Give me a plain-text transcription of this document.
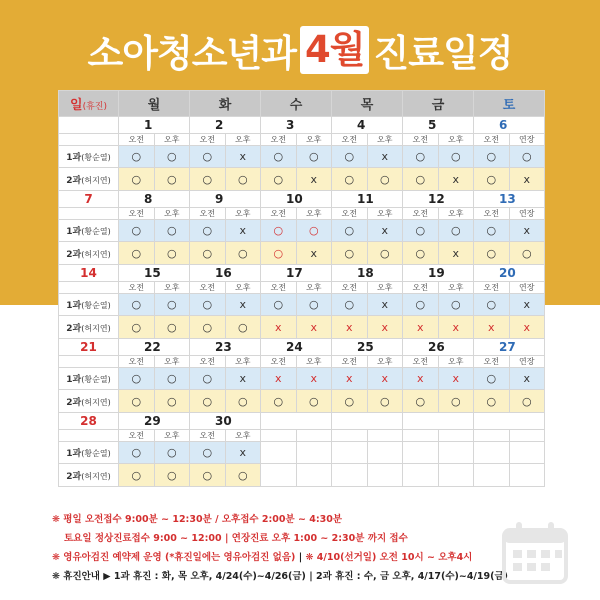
소아청소년과 4월 진료일정
일(휴진)	월		화		수		목		금		토	
	1		2		3		4		5		6	
	오전	오후	오전	오후	오전	오후	오전	오후	오전	오후	오전	연장
1과(황순열)	○	○	○	x	○	○	○	x	○	○	○	○
2과(허지연)	○	○	○	○	○	x	○	○	○	x	○	x
7	8		9		10		11		12		13	
	오전	오후	오전	오후	오전	오후	오전	오후	오전	오후	오전	연장
1과(황순열)	○	○	○	x	○	○	○	x	○	○	○	x
2과(허지연)	○	○	○	○	○	x	○	○	○	x	○	○
14	15		16		17		18		19		20	
	오전	오후	오전	오후	오전	오후	오전	오후	오전	오후	오전	연장
1과(황순열)	○	○	○	x	○	○	○	x	○	○	○	x
2과(허지연)	○	○	○	○	x	x	x	x	x	x	x	x
21	22		23		24		25		26		27	
	오전	오후	오전	오후	오전	오후	오전	오후	오전	오후	오전	연장
1과(황순열)	○	○	○	x	x	x	x	x	x	x	○	x
2과(허지연)	○	○	○	○	○	○	○	○	○	○	○	○
28	29		30									
	오전	오후	오전	오후								
1과(황순열)	○	○	○	x								
2과(허지연)	○	○	○	○								
❋ 평일 오전접수 9:00분 ~ 12:30분 / 오후접수 2:00분 ~ 4:30분
토요일 정상진료접수 9:00 ~ 12:00 | 연장진료 오후 1:00 ~ 2:30분 까지 접수
❋ 영유아검진 예약제 운영 (*휴진일에는 영유아검진 없음) | ❋ 4/10(선거일) 오전 10시 ~ 오후4시
❋ 휴진안내 ▶ 1과 휴진 : 화, 목 오후, 4/24(수)~4/26(금) | 2과 휴진 : 수, 금 오후, 4/17(수)~4/19(금)
